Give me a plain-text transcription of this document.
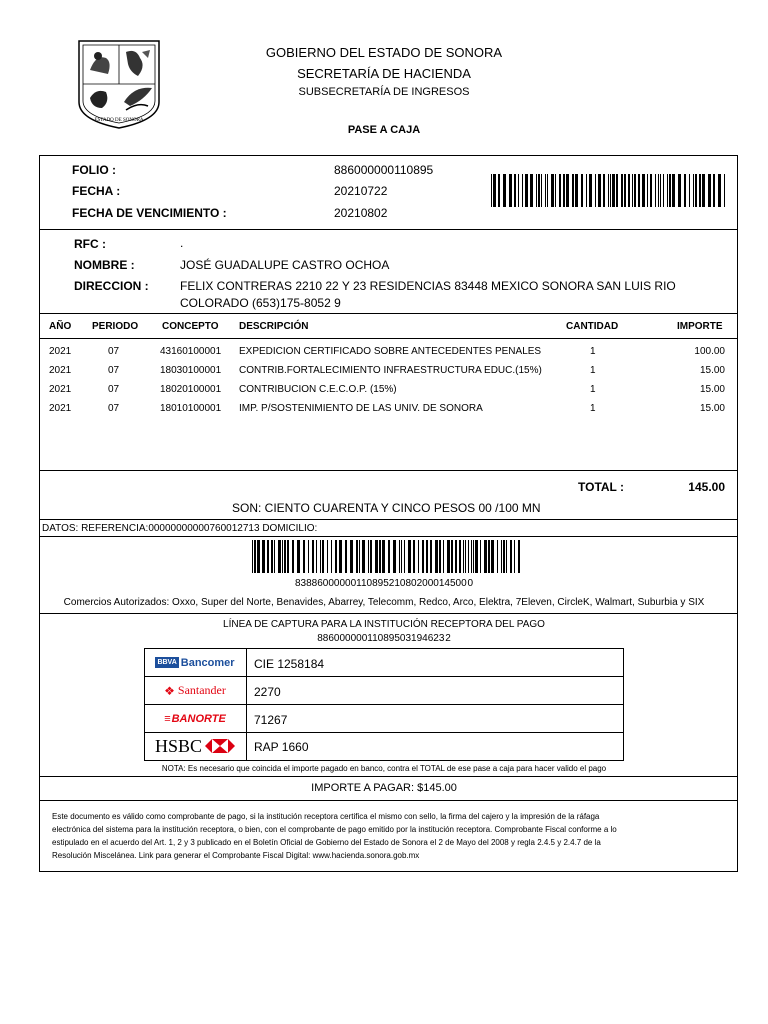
ESTADO DE SONORA
GOBIERNO DEL ESTADO DE SONORA
SECRETARÍA DE HACIENDA
SUBSECRETARÍA DE INGRESOS
PASE A CAJA
FOLIO :	886000000110895
FECHA :	20210722
FECHA DE VENCIMIENTO :	20210802
RFC :	.
NOMBRE :	JOSÉ GUADALUPE CASTRO OCHOA
DIRECCION :	FELIX CONTRERAS 2210 22 Y 23 RESIDENCIAS 83448 MEXICO SONORA SAN LUIS RIO
COLORADO (653)175-8052 9
AÑO PERIODO CONCEPTO DESCRIPCIÓN	CANTIDAD	IMPORTE
2021	07	43160100001 EXPEDICION CERTIFICADO SOBRE ANTECEDENTES PENALES	1	100.00
2021	07	18030100001 CONTRIB.FORTALECIMIENTO INFRAESTRUCTURA EDUC.(15%)	1	15.00
2021	07	18020100001 CONTRIBUCION C.E.C.O.P. (15%)	1	15.00
2021	07	18010100001 IMP. P/SOSTENIMIENTO DE LAS UNIV. DE SONORA	1	15.00
TOTAL :	145.00
SON: CIENTO CUARENTA Y CINCO PESOS 00 /100 MN
DATOS: REFERENCIA:00000000000760012713 DOMICILIO:
8388600000011089521080200014500 0
Comercios Autorizados: Oxxo, Super del Norte, Benavides, Abarrey, Telecomm, Redco, Arco, Elektra, 7Eleven, CircleK, Walmart, Suburbia y SIX
LÍNEA DE CAPTURA PARA LA INSTITUCIÓN RECEPTORA DEL PAGO
88600000011089503194623 2
BBVA Bancomer CIE 1258184
❖ Santander 2270
≡ BANORTE 71267
HSBC	RAP 1660
NOTA: Es necesario que coincida el importe pagado en banco, contra el TOTAL de ese pase a caja para hacer valido el pago
IMPORTE A PAGAR: $145.00
Este documento es válido como comprobante de pago, si la institución receptora certifica el mismo con sello, la firma del cajero y la impresión de la ráfaga
electrónica del sistema para la institución receptora, o bien, con el comprobante de pago emitido por la institución receptora. Comprobante Fiscal conforme a lo
estipulado en el acuerdo del Art. 1, 2 y 3 publicado en el Boletín Oficial de Gobierno del Estado de Sonora el 2 de Mayo del 2008 y regla 2.4.5 y 2.4.7 de la
Resolución Miscelánea. Link para generar el Comprobante Fiscal Digital: www.hacienda.sonora.gob.mx
